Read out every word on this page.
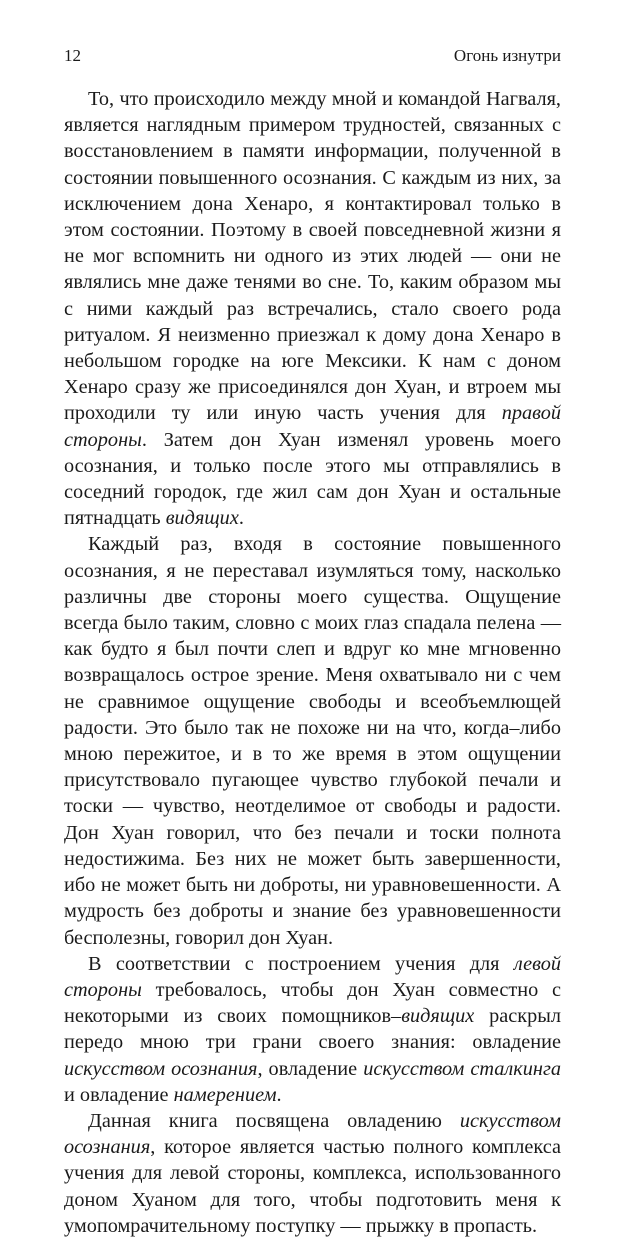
12	Огонь изнутри

То, что происходило между мной и командой Нагваля, является наглядным примером трудностей, связанных с восстановлением в памяти информации, полученной в состоянии повышенного осознания. С каждым из них, за исключением дона Хенаро, я контактировал только в этом состоянии. Поэтому в своей повседневной жизни я не мог вспомнить ни одного из этих людей — они не являлись мне даже тенями во сне. То, каким образом мы с ними каждый раз встречались, стало своего рода ритуалом. Я неизменно приезжал к дому дона Хенаро в небольшом городке на юге Мексики. К нам с доном Хенаро сразу же присоединялся дон Хуан, и втроем мы проходили ту или иную часть учения для правой стороны. Затем дон Хуан изменял уровень моего осознания, и только после этого мы отправлялись в соседний городок, где жил сам дон Хуан и остальные пятнадцать видящих.

Каждый раз, входя в состояние повышенного осознания, я не переставал изумляться тому, насколько различны две стороны моего существа. Ощущение всегда было таким, словно с моих глаз спадала пелена — как будто я был почти слеп и вдруг ко мне мгновенно возвращалось острое зрение. Меня охватывало ни с чем не сравнимое ощущение свободы и всеобъемлющей радости. Это было так не похоже ни на что, когда–либо мною пережитое, и в то же время в этом ощущении присутствовало пугающее чувство глубокой печали и тоски — чувство, неотделимое от свободы и радости. Дон Хуан говорил, что без печали и тоски полнота недостижима. Без них не может быть завершенности, ибо не может быть ни доброты, ни уравновешенности. А мудрость без доброты и знание без уравновешенности бесполезны, говорил дон Хуан.

В соответствии с построением учения для левой стороны требовалось, чтобы дон Хуан совместно с некоторыми из своих помощников–видящих раскрыл передо мною три грани своего знания: овладение искусством осознания, овладение искусством сталкинга и овладение намерением.

Данная книга посвящена овладению искусством осознания, которое является частью полного комплекса учения для левой стороны, комплекса, использованного доном Хуаном для того, чтобы подготовить меня к умопомрачительному поступку — прыжку в пропасть.
